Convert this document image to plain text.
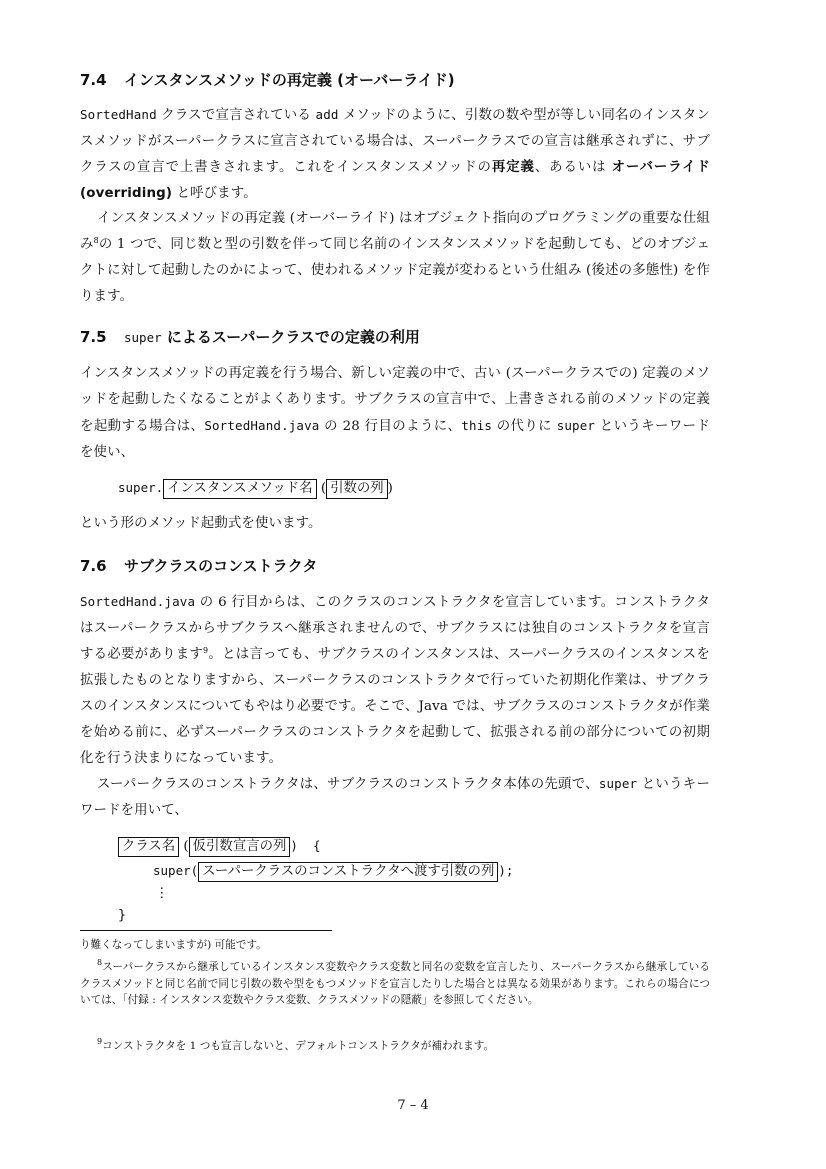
7.4 インスタンスメソッドの再定義 (オーバーライド)
SortedHand クラスで宣言されている add メソッドのように、引数の数や型が等しい同名のインスタンスメソッドがスーパークラスに宣言されている場合は、スーパークラスでの宣言は継承されずに、サブクラスの宣言で上書きされます。これをインスタンスメソッドの再定義、あるいは オーバーライド (overriding) と呼びます。
インスタンスメソッドの再定義 (オーバーライド) はオブジェクト指向のプログラミングの重要な仕組み$^8$の 1 つで、同じ数と型の引数を伴って同じ名前のインスタンスメソッドを起動しても、どのオブジェクトに対して起動したのかによって、使われるメソッド定義が変わるという仕組み (後述の多態性) を作ります。
7.5 super によるスーパークラスでの定義の利用
インスタンスメソッドの再定義を行う場合、新しい定義の中で、古い (スーパークラスでの) 定義のメソッドを起動したくなることがよくあります。サブクラスの宣言中で、上書きされる前のメソッドの定義を起動する場合は、SortedHand.java の 28 行目のように、this の代りに super というキーワードを使い、
super. インスタンスメソッド名 ( 引数の列 )
という形のメソッド起動式を使います。
7.6 サブクラスのコンストラクタ
SortedHand.java の 6 行目からは、このクラスのコンストラクタを宣言しています。コンストラクタはスーパークラスからサブクラスへ継承されませんので、サブクラスには独自のコンストラクタを宣言する必要があります$^9$。とは言っても、サブクラスのインスタンスは、スーパークラスのインスタンスを拡張したものとなりますから、スーパークラスのコンストラクタで行っていた初期化作業は、サブクラスのインスタンスについてもやはり必要です。そこで、Java では、サブクラスのコンストラクタが作業を始める前に、必ずスーパークラスのコンストラクタを起動して、拡張される前の部分についての初期化を行う決まりになっています。
スーパークラスのコンストラクタは、サブクラスのコンストラクタ本体の先頭で、super というキーワードを用いて、
クラス名 ( 仮引数宣言の列 )  {
super( スーパークラスのコンストラクタへ渡す引数の列 );
⋮
}
り難くなってしまいますが) 可能です。
$^8$スーパークラスから継承しているインスタンス変数やクラス変数と同名の変数を宣言したり、スーパークラスから継承しているクラスメソッドと同じ名前で同じ引数の数や型をもつメソッドを宣言したりした場合とは異なる効果があります。これらの場合については、「付録 : インスタンス変数やクラス変数、クラスメソッドの隠蔽」を参照してください。
$^9$コンストラクタを 1 つも宣言しないと、デフォルトコンストラクタが補われます。
7 – 4
